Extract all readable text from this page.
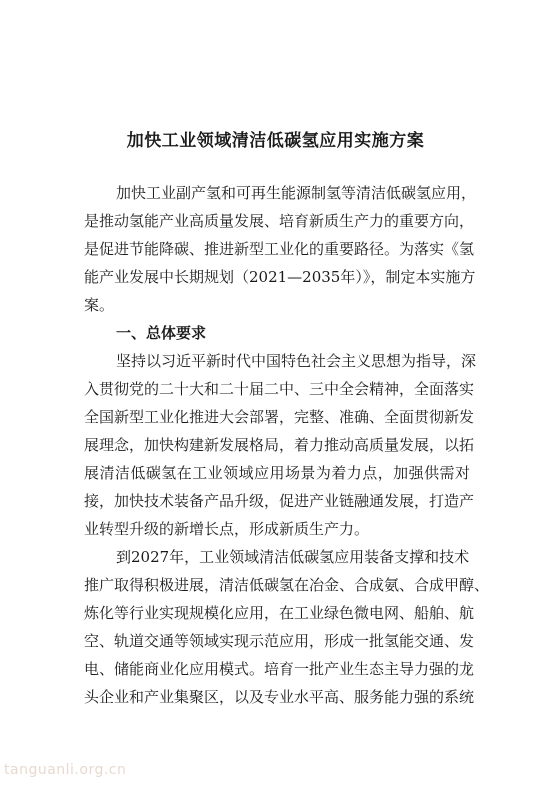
加快工业领域清洁低碳氢应用实施方案
加快工业副产氢和可再生能源制氢等清洁低碳氢应用，
是推动氢能产业高质量发展、培育新质生产力的重要方向，
是促进节能降碳、推进新型工业化的重要路径。为落实《氢
能产业发展中长期规划（2021—2035年）》，制定本实施方
案。
一、总体要求
坚持以习近平新时代中国特色社会主义思想为指导，深
入贯彻党的二十大和二十届二中、三中全会精神，全面落实
全国新型工业化推进大会部署，完整、准确、全面贯彻新发
展理念，加快构建新发展格局，着力推动高质量发展，以拓
展清洁低碳氢在工业领域应用场景为着力点，加强供需对
接，加快技术装备产品升级，促进产业链融通发展，打造产
业转型升级的新增长点，形成新质生产力。
到2027年，工业领域清洁低碳氢应用装备支撑和技术
推广取得积极进展，清洁低碳氢在冶金、合成氨、合成甲醇、
炼化等行业实现规模化应用，在工业绿色微电网、船舶、航
空、轨道交通等领域实现示范应用，形成一批氢能交通、发
电、储能商业化应用模式。培育一批产业生态主导力强的龙
头企业和产业集聚区，以及专业水平高、服务能力强的系统
tanguanli.org.cn
